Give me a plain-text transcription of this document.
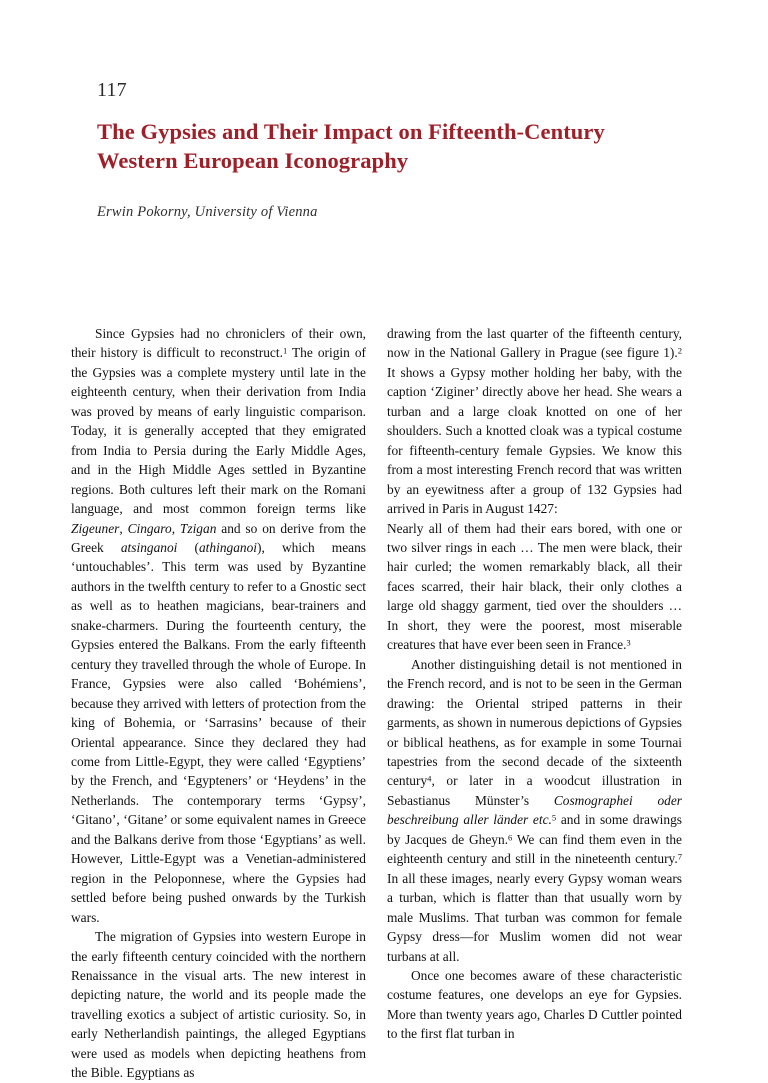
117
The Gypsies and Their Impact on Fifteenth-Century Western European Iconography
Erwin Pokorny, University of Vienna

Since Gypsies had no chroniclers of their own, their history is difficult to reconstruct.$^1$ The origin of the Gypsies was a complete mystery until late in the eighteenth century, when their derivation from India was proved by means of early linguistic comparison. Today, it is generally accepted that they emigrated from India to Persia during the Early Middle Ages, and in the High Middle Ages settled in Byzantine regions. Both cultures left their mark on the Romani language, and most common foreign terms like Zigeuner, Cingaro, Tzigan and so on derive from the Greek atsinganoi (athinganoi), which means ‘untouchables’. This term was used by Byzantine authors in the twelfth century to refer to a Gnostic sect as well as to heathen magicians, bear-trainers and snake-charmers. During the fourteenth century, the Gypsies entered the Balkans. From the early fifteenth century they travelled through the whole of Europe. In France, Gypsies were also called ‘Bohémiens’, because they arrived with letters of protection from the king of Bohemia, or ‘Sarrasins’ because of their Oriental appearance. Since they declared they had come from Little-Egypt, they were called ‘Egyptiens’ by the French, and ‘Egypteners’ or ‘Heydens’ in the Netherlands. The contemporary terms ‘Gypsy’, ‘Gitano’, ‘Gitane’ or some equivalent names in Greece and the Balkans derive from those ‘Egyptians’ as well. However, Little-Egypt was a Venetian-administered region in the Peloponnese, where the Gypsies had settled before being pushed onwards by the Turkish wars.

The migration of Gypsies into western Europe in the early fifteenth century coincided with the northern Renaissance in the visual arts. The new interest in depicting nature, the world and its people made the travelling exotics a subject of artistic curiosity. So, in early Netherlandish paintings, the alleged Egyptians were used as models when depicting heathens from the Bible. Egyptians as

drawing from the last quarter of the fifteenth century, now in the National Gallery in Prague (see figure 1).$^2$ It shows a Gypsy mother holding her baby, with the caption ‘Ziginer’ directly above her head. She wears a turban and a large cloak knotted on one of her shoulders. Such a knotted cloak was a typical costume for fifteenth-century female Gypsies. We know this from a most interesting French record that was written by an eyewitness after a group of 132 Gypsies had arrived in Paris in August 1427:

Nearly all of them had their ears bored, with one or two silver rings in each … The men were black, their hair curled; the women remarkably black, all their faces scarred, their hair black, their only clothes a large old shaggy garment, tied over the shoulders … In short, they were the poorest, most miserable creatures that have ever been seen in France.$^3$

Another distinguishing detail is not mentioned in the French record, and is not to be seen in the German drawing: the Oriental striped patterns in their garments, as shown in numerous depictions of Gypsies or biblical heathens, as for example in some Tournai tapestries from the second decade of the sixteenth century$^4$, or later in a woodcut illustration in Sebastianus Münster’s Cosmographei oder beschreibung aller länder etc.$^5$ and in some drawings by Jacques de Gheyn.$^6$ We can find them even in the eighteenth century and still in the nineteenth century.$^7$ In all these images, nearly every Gypsy woman wears a turban, which is flatter than that usually worn by male Muslims. That turban was common for female Gypsy dress—for Muslim women did not wear turbans at all.

Once one becomes aware of these characteristic costume features, one develops an eye for Gypsies. More than twenty years ago, Charles D Cuttler pointed to the first flat turban in
